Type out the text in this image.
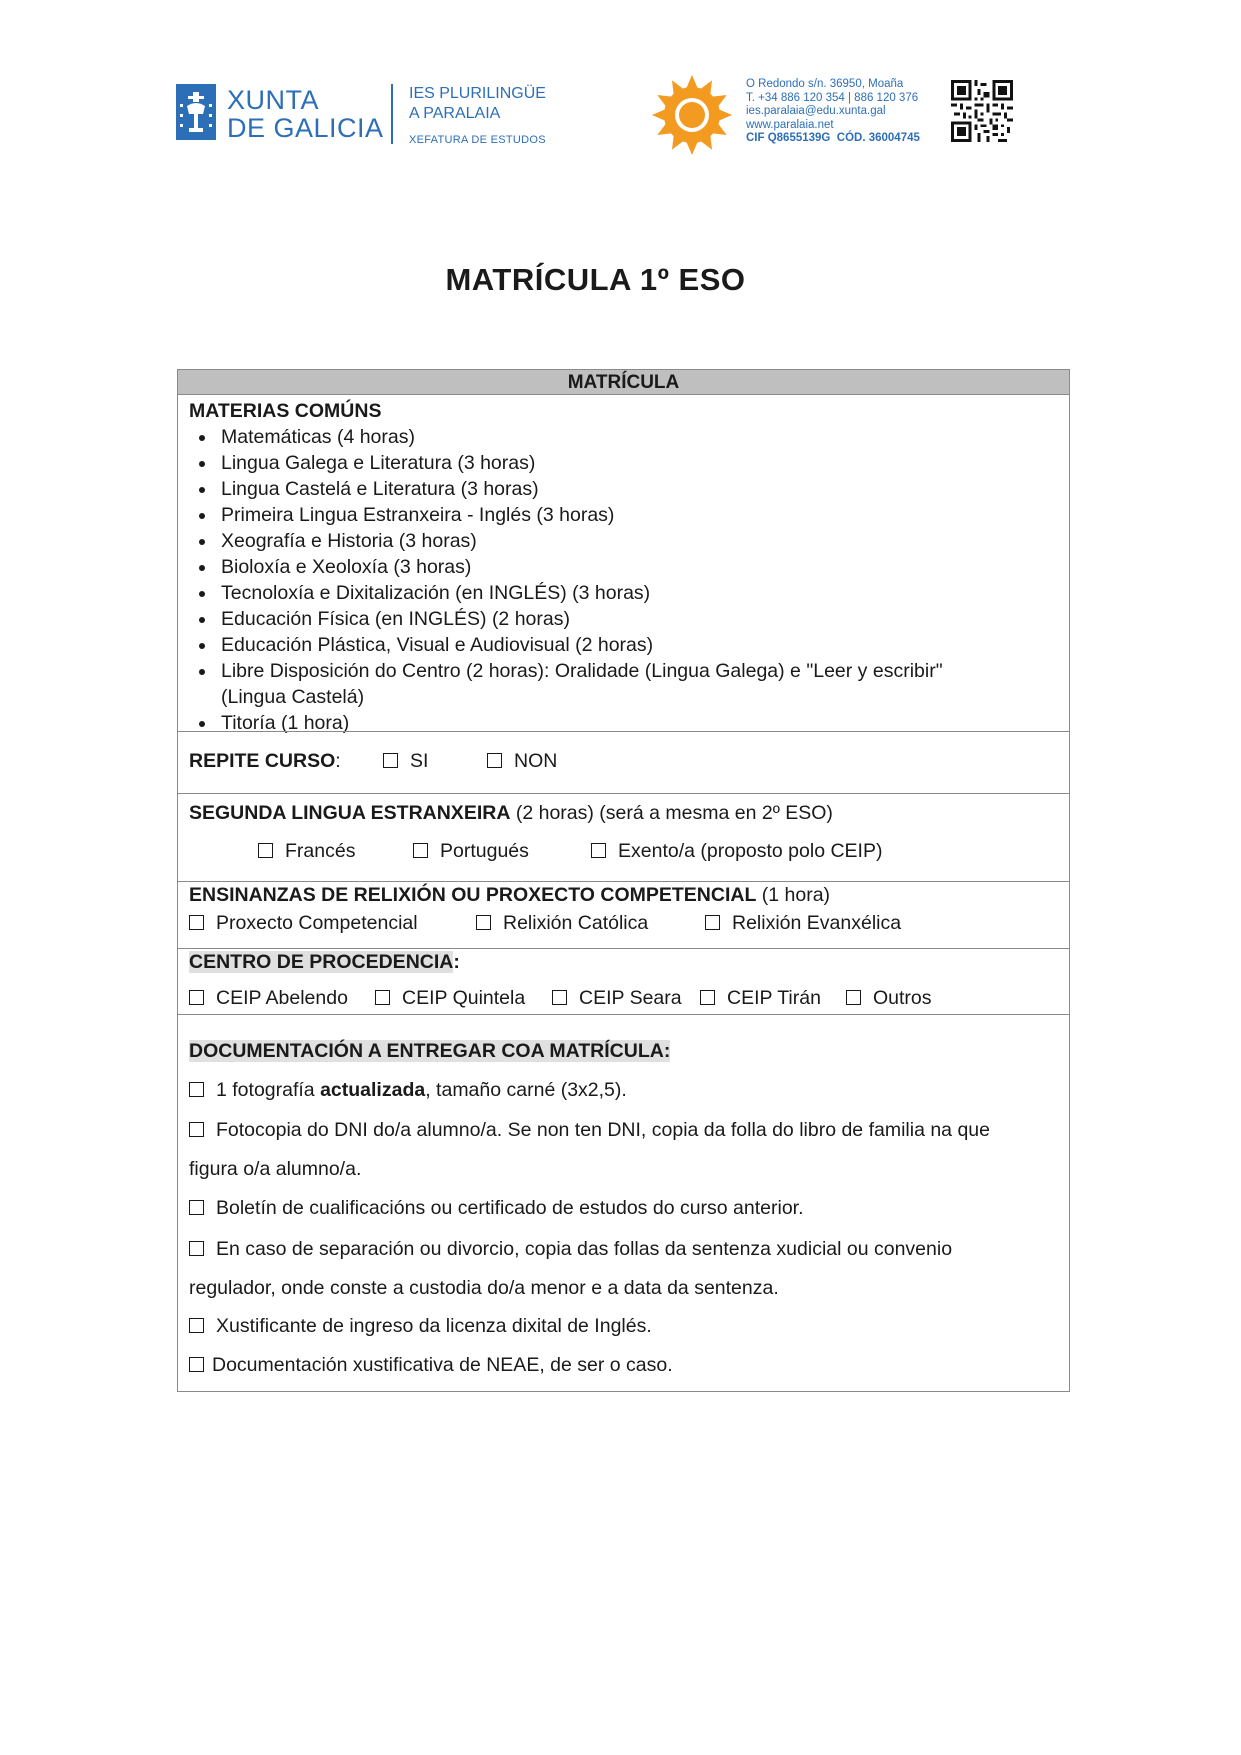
XUNTA
DE GALICIA
IES PLURILINGÜE
A PARALAIA
XEFATURA DE ESTUDOS
O Redondo s/n. 36950, Moaña
T. +34 886 120 354 | 886 120 376
ies.paralaia@edu.xunta.gal
www.paralaia.net
CIF Q8655139G CÓD. 36004745
MATRÍCULA 1º ESO
MATRÍCULA
MATERIAS COMÚNS
Matemáticas (4 horas)
Lingua Galega e Literatura (3 horas)
Lingua Castelá e Literatura (3 horas)
Primeira Lingua Estranxeira - Inglés (3 horas)
Xeografía e Historia (3 horas)
Bioloxía e Xeoloxía (3 horas)
Tecnoloxía e Dixitalización (en INGLÉS) (3 horas)
Educación Física (en INGLÉS) (2 horas)
Educación Plástica, Visual e Audiovisual (2 horas)
Libre Disposición do Centro (2 horas): Oralidade (Lingua Galega) e "Leer y escribir"
(Lingua Castelá)
Titoría (1 hora)
REPITE CURSO:	SI	NON
SEGUNDA LINGUA ESTRANXEIRA (2 horas) (será a mesma en 2º ESO)
Francés	Portugués	Exento/a (proposto polo CEIP)
ENSINANZAS DE RELIXIÓN OU PROXECTO COMPETENCIAL (1 hora)
Proxecto Competencial	Relixión Católica	Relixión Evanxélica
CENTRO DE PROCEDENCIA:
CEIP Abelendo	CEIP Quintela	CEIP Seara	CEIP Tirán	Outros
DOCUMENTACIÓN A ENTREGAR COA MATRÍCULA:
1 fotografía actualizada, tamaño carné (3x2,5).
Fotocopia do DNI do/a alumno/a. Se non ten DNI, copia da folla do libro de familia na que
figura o/a alumno/a.
Boletín de cualificacións ou certificado de estudos do curso anterior.
En caso de separación ou divorcio, copia das follas da sentenza xudicial ou convenio
regulador, onde conste a custodia do/a menor e a data da sentenza.
Xustificante de ingreso da licenza dixital de Inglés.
Documentación xustificativa de NEAE, de ser o caso.
